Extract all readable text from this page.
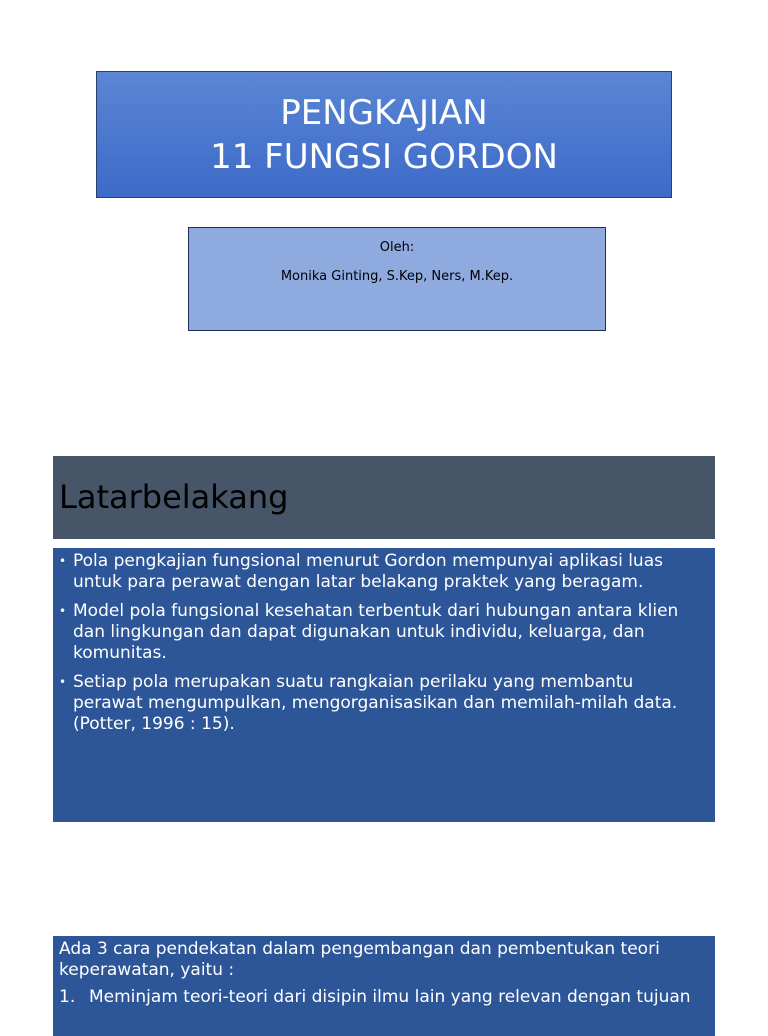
PENGKAJIAN
11 FUNGSI GORDON
Oleh:
Monika Ginting, S.Kep, Ners, M.Kep.
Latarbelakang
• Pola pengkajian fungsional menurut Gordon mempunyai aplikasi luas untuk para perawat dengan latar belakang praktek yang beragam.
• Model pola fungsional kesehatan terbentuk dari hubungan antara klien dan lingkungan dan dapat digunakan untuk individu, keluarga, dan komunitas.
• Setiap pola merupakan suatu rangkaian perilaku yang membantu perawat mengumpulkan, mengorganisasikan dan memilah-milah data. (Potter, 1996 : 15).
Ada 3 cara pendekatan dalam pengembangan dan pembentukan teori keperawatan, yaitu :
1. Meminjam teori-teori dari disipin ilmu lain yang relevan dengan tujuan
